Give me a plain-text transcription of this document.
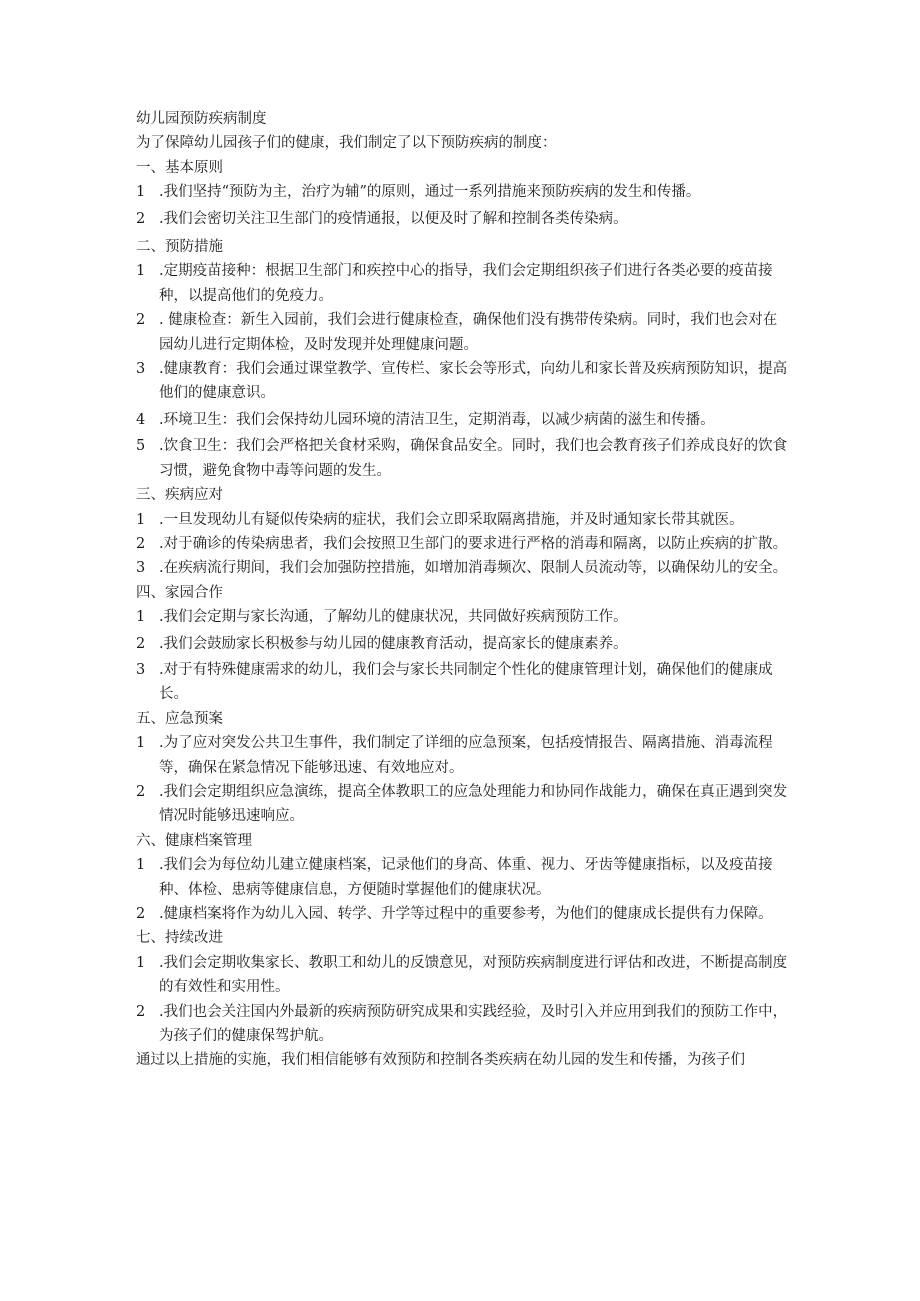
幼儿园预防疾病制度

为了保障幼儿园孩子们的健康，我们制定了以下预防疾病的制度：

一、基本原则

1 .我们坚持“预防为主，治疗为辅”的原则，通过一系列措施来预防疾病的发生和传播。
2 .我们会密切关注卫生部门的疫情通报，以便及时了解和控制各类传染病。

二、预防措施

1 .定期疫苗接种：根据卫生部门和疾控中心的指导，我们会定期组织孩子们进行各类必要的疫苗接种，以提高他们的免疫力。
2 . 健康检查：新生入园前，我们会进行健康检查，确保他们没有携带传染病。同时，我们也会对在园幼儿进行定期体检，及时发现并处理健康问题。
3 .健康教育：我们会通过课堂教学、宣传栏、家长会等形式，向幼儿和家长普及疾病预防知识，提高他们的健康意识。
4 .环境卫生：我们会保持幼儿园环境的清洁卫生，定期消毒，以减少病菌的滋生和传播。
5 .饮食卫生：我们会严格把关食材采购，确保食品安全。同时，我们也会教育孩子们养成良好的饮食习惯，避免食物中毒等问题的发生。

三、疾病应对

1 .一旦发现幼儿有疑似传染病的症状，我们会立即采取隔离措施，并及时通知家长带其就医。
2 .对于确诊的传染病患者，我们会按照卫生部门的要求进行严格的消毒和隔离，以防止疾病的扩散。
3 .在疾病流行期间，我们会加强防控措施，如增加消毒频次、限制人员流动等，以确保幼儿的安全。

四、家园合作

1 .我们会定期与家长沟通，了解幼儿的健康状况，共同做好疾病预防工作。
2 .我们会鼓励家长积极参与幼儿园的健康教育活动，提高家长的健康素养。
3 .对于有特殊健康需求的幼儿，我们会与家长共同制定个性化的健康管理计划，确保他们的健康成长。

五、应急预案

1 .为了应对突发公共卫生事件，我们制定了详细的应急预案，包括疫情报告、隔离措施、消毒流程等，确保在紧急情况下能够迅速、有效地应对。
2 .我们会定期组织应急演练，提高全体教职工的应急处理能力和协同作战能力，确保在真正遇到突发情况时能够迅速响应。

六、健康档案管理

1 .我们会为每位幼儿建立健康档案，记录他们的身高、体重、视力、牙齿等健康指标，以及疫苗接种、体检、患病等健康信息，方便随时掌握他们的健康状况。
2 .健康档案将作为幼儿入园、转学、升学等过程中的重要参考，为他们的健康成长提供有力保障。

七、持续改进

1 .我们会定期收集家长、教职工和幼儿的反馈意见，对预防疾病制度进行评估和改进，不断提高制度的有效性和实用性。
2 .我们也会关注国内外最新的疾病预防研究成果和实践经验，及时引入并应用到我们的预防工作中，为孩子们的健康保驾护航。

通过以上措施的实施，我们相信能够有效预防和控制各类疾病在幼儿园的发生和传播，为孩子们
